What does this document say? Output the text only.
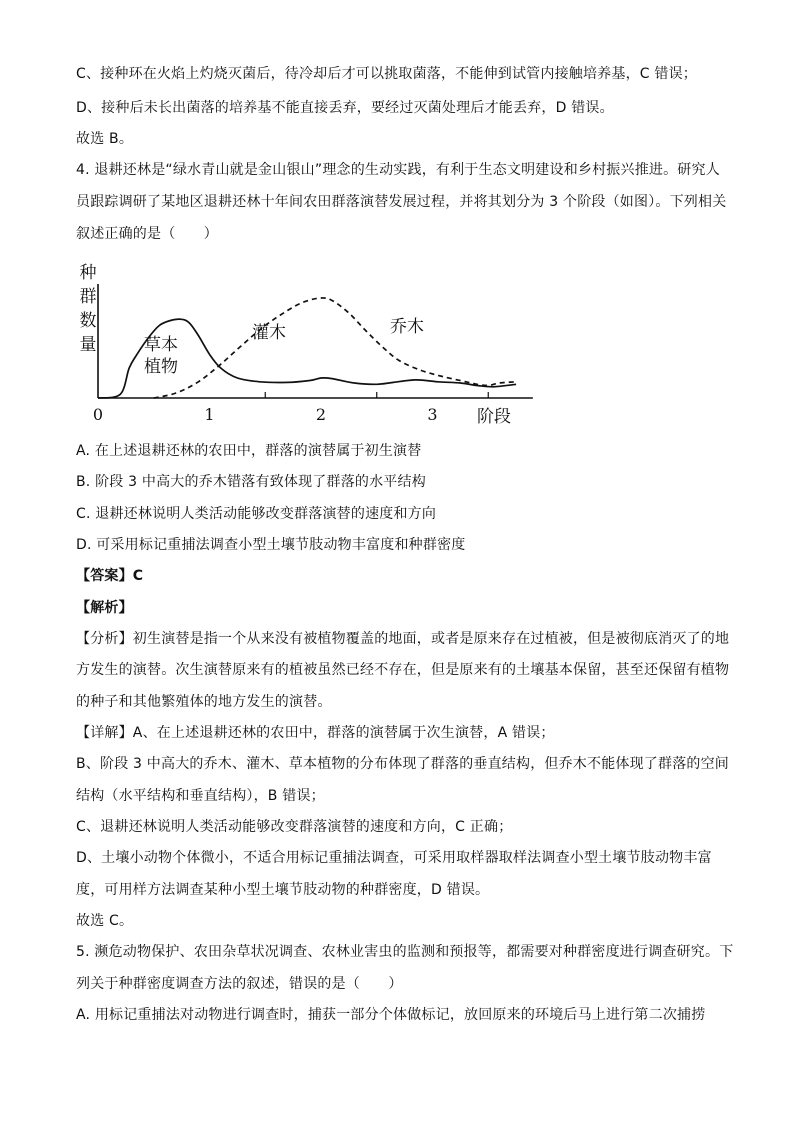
C、接种环在火焰上灼烧灭菌后，待冷却后才可以挑取菌落，不能伸到试管内接触培养基，C 错误；
D、接种后未长出菌落的培养基不能直接丢弃，要经过灭菌处理后才能丢弃，D 错误。
故选 B。
4. 退耕还林是“绿水青山就是金山银山”理念的生动实践，有利于生态文明建设和乡村振兴推进。研究人
员跟踪调研了某地区退耕还林十年间农田群落演替发展过程，并将其划分为 3 个阶段（如图）。下列相关
叙述正确的是（　　）
种
群
数
量
0	1	2	3 阶段
草本
植物
灌木	乔木
A. 在上述退耕还林的农田中，群落的演替属于初生演替
B. 阶段 3 中高大的乔木错落有致体现了群落的水平结构
C. 退耕还林说明人类活动能够改变群落演替的速度和方向
D. 可采用标记重捕法调查小型土壤节肢动物丰富度和种群密度
【答案】C
【解析】
【分析】初生演替是指一个从来没有被植物覆盖的地面，或者是原来存在过植被，但是被彻底消灭了的地
方发生的演替。次生演替原来有的植被虽然已经不存在，但是原来有的土壤基本保留，甚至还保留有植物
的种子和其他繁殖体的地方发生的演替。
【详解】A、在上述退耕还林的农田中，群落的演替属于次生演替，A 错误；
B、阶段 3 中高大的乔木、灌木、草本植物的分布体现了群落的垂直结构，但乔木不能体现了群落的空间
结构（水平结构和垂直结构），B 错误；
C、退耕还林说明人类活动能够改变群落演替的速度和方向，C 正确；
D、土壤小动物个体微小，不适合用标记重捕法调查，可采用取样器取样法调查小型土壤节肢动物丰富
度，可用样方法调查某种小型土壤节肢动物的种群密度，D 错误。
故选 C。
5. 濒危动物保护、农田杂草状况调查、农林业害虫的监测和预报等，都需要对种群密度进行调查研究。下
列关于种群密度调查方法的叙述，错误的是（　　）
A. 用标记重捕法对动物进行调查时，捕获一部分个体做标记，放回原来的环境后马上进行第二次捕捞
